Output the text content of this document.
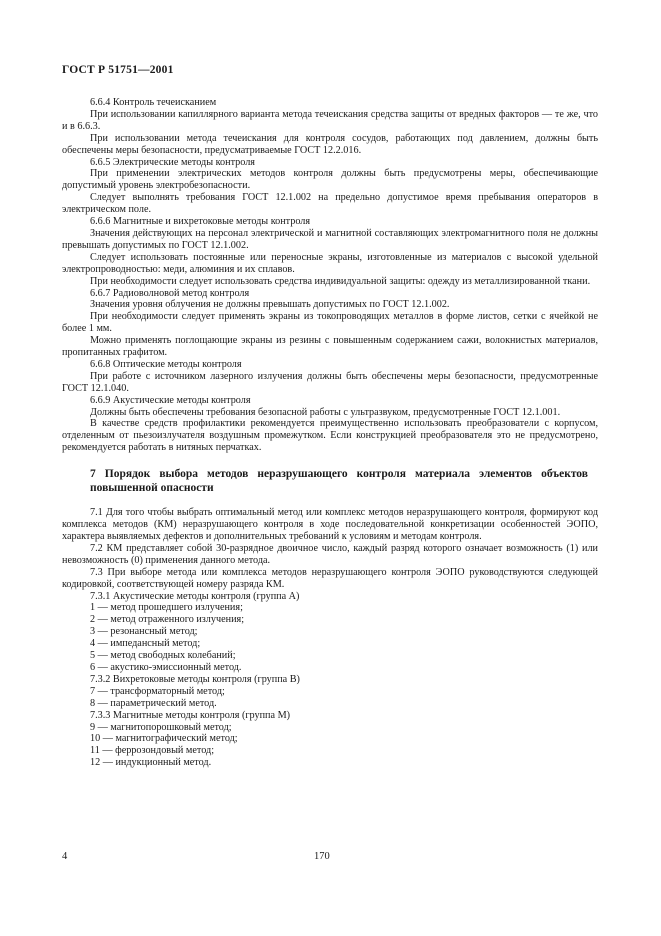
ГОСТ Р 51751—2001

6.6.4 Контроль течеисканием

При использовании капиллярного варианта метода течеискания средства защиты от вредных факторов — те же, что и в 6.6.3.

При использовании метода течеискания для контроля сосудов, работающих под давлением, должны быть обеспечены меры безопасности, предусматриваемые ГОСТ 12.2.016.

6.6.5 Электрические методы контроля

При применении электрических методов контроля должны быть предусмотрены меры, обеспечивающие допустимый уровень электробезопасности.

Следует выполнять требования ГОСТ 12.1.002 на предельно допустимое время пребывания операторов в электрическом поле.

6.6.6 Магнитные и вихретоковые методы контроля

Значения действующих на персонал электрической и магнитной составляющих электромагнитного поля не должны превышать допустимых по ГОСТ 12.1.002.

Следует использовать постоянные или переносные экраны, изготовленные из материалов с высокой удельной электропроводностью: меди, алюминия и их сплавов.

При необходимости следует использовать средства индивидуальной защиты: одежду из металлизированной ткани.

6.6.7 Радиоволновой метод контроля

Значения уровня облучения не должны превышать допустимых по ГОСТ 12.1.002.

При необходимости следует применять экраны из токопроводящих металлов в форме листов, сетки с ячейкой не более 1 мм.

Можно применять поглощающие экраны из резины с повышенным содержанием сажи, волокнистых материалов, пропитанных графитом.

6.6.8 Оптические методы контроля

При работе с источником лазерного излучения должны быть обеспечены меры безопасности, предусмотренные ГОСТ 12.1.040.

6.6.9 Акустические методы контроля

Должны быть обеспечены требования безопасной работы с ультразвуком, предусмотренные ГОСТ 12.1.001.

В качестве средств профилактики рекомендуется преимущественно использовать преобразователи с корпусом, отделенным от пьезоизлучателя воздушным промежутком. Если конструкцией преобразователя это не предусмотрено, рекомендуется работать в нитяных перчатках.

7 Порядок выбора методов неразрушающего контроля материала элементов объектов повышенной опасности

7.1 Для того чтобы выбрать оптимальный метод или комплекс методов неразрушающего контроля, формируют код комплекса методов (КМ) неразрушающего контроля в ходе последовательной конкретизации особенностей ЭОПО, характера выявляемых дефектов и дополнительных требований к условиям и методам контроля.

7.2 КМ представляет собой 30-разрядное двоичное число, каждый разряд которого означает возможность (1) или невозможность (0) применения данного метода.

7.3 При выборе метода или комплекса методов неразрушающего контроля ЭОПО руководствуются следующей кодировкой, соответствующей номеру разряда КМ.

7.3.1 Акустические методы контроля (группа А)

1 — метод прошедшего излучения;

2 — метод отраженного излучения;

3 — резонансный метод;

4 — импедансный метод;

5 — метод свободных колебаний;

6 — акустико-эмиссионный метод.

7.3.2 Вихретоковые методы контроля (группа В)

7 — трансформаторный метод;

8 — параметрический метод.

7.3.3 Магнитные методы контроля (группа М)

9 — магнитопорошковый метод;

10 — магнитографический метод;

11 — феррозондовый метод;

12 — индукционный метод.

4	170
